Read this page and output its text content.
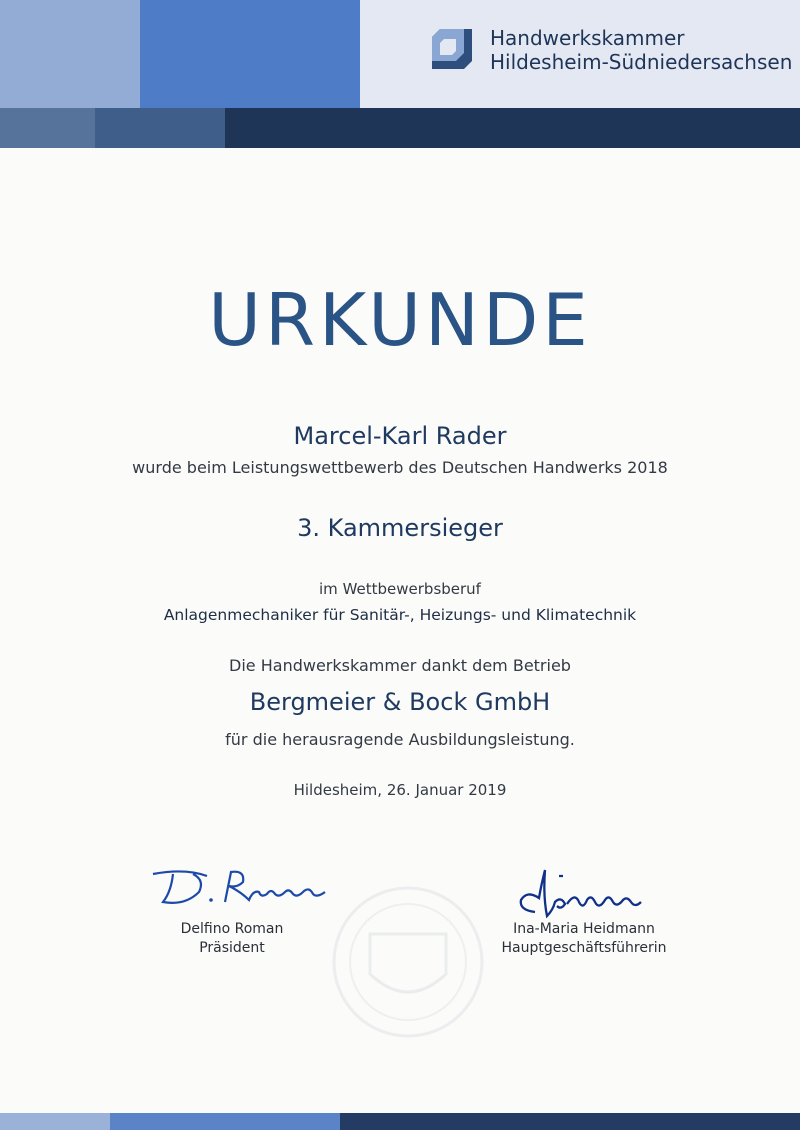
Handwerkskammer
Hildesheim-Südniedersachsen
URKUNDE
Marcel-Karl Rader
wurde beim Leistungswettbewerb des Deutschen Handwerks 2018
3. Kammersieger
im Wettbewerbsberuf
Anlagenmechaniker für Sanitär-, Heizungs- und Klimatechnik
Die Handwerkskammer dankt dem Betrieb
Bergmeier & Bock GmbH
für die herausragende Ausbildungsleistung.
Hildesheim, 26. Januar 2019
Delfino Roman
Präsident
Ina-Maria Heidmann
Hauptgeschäftsführerin
